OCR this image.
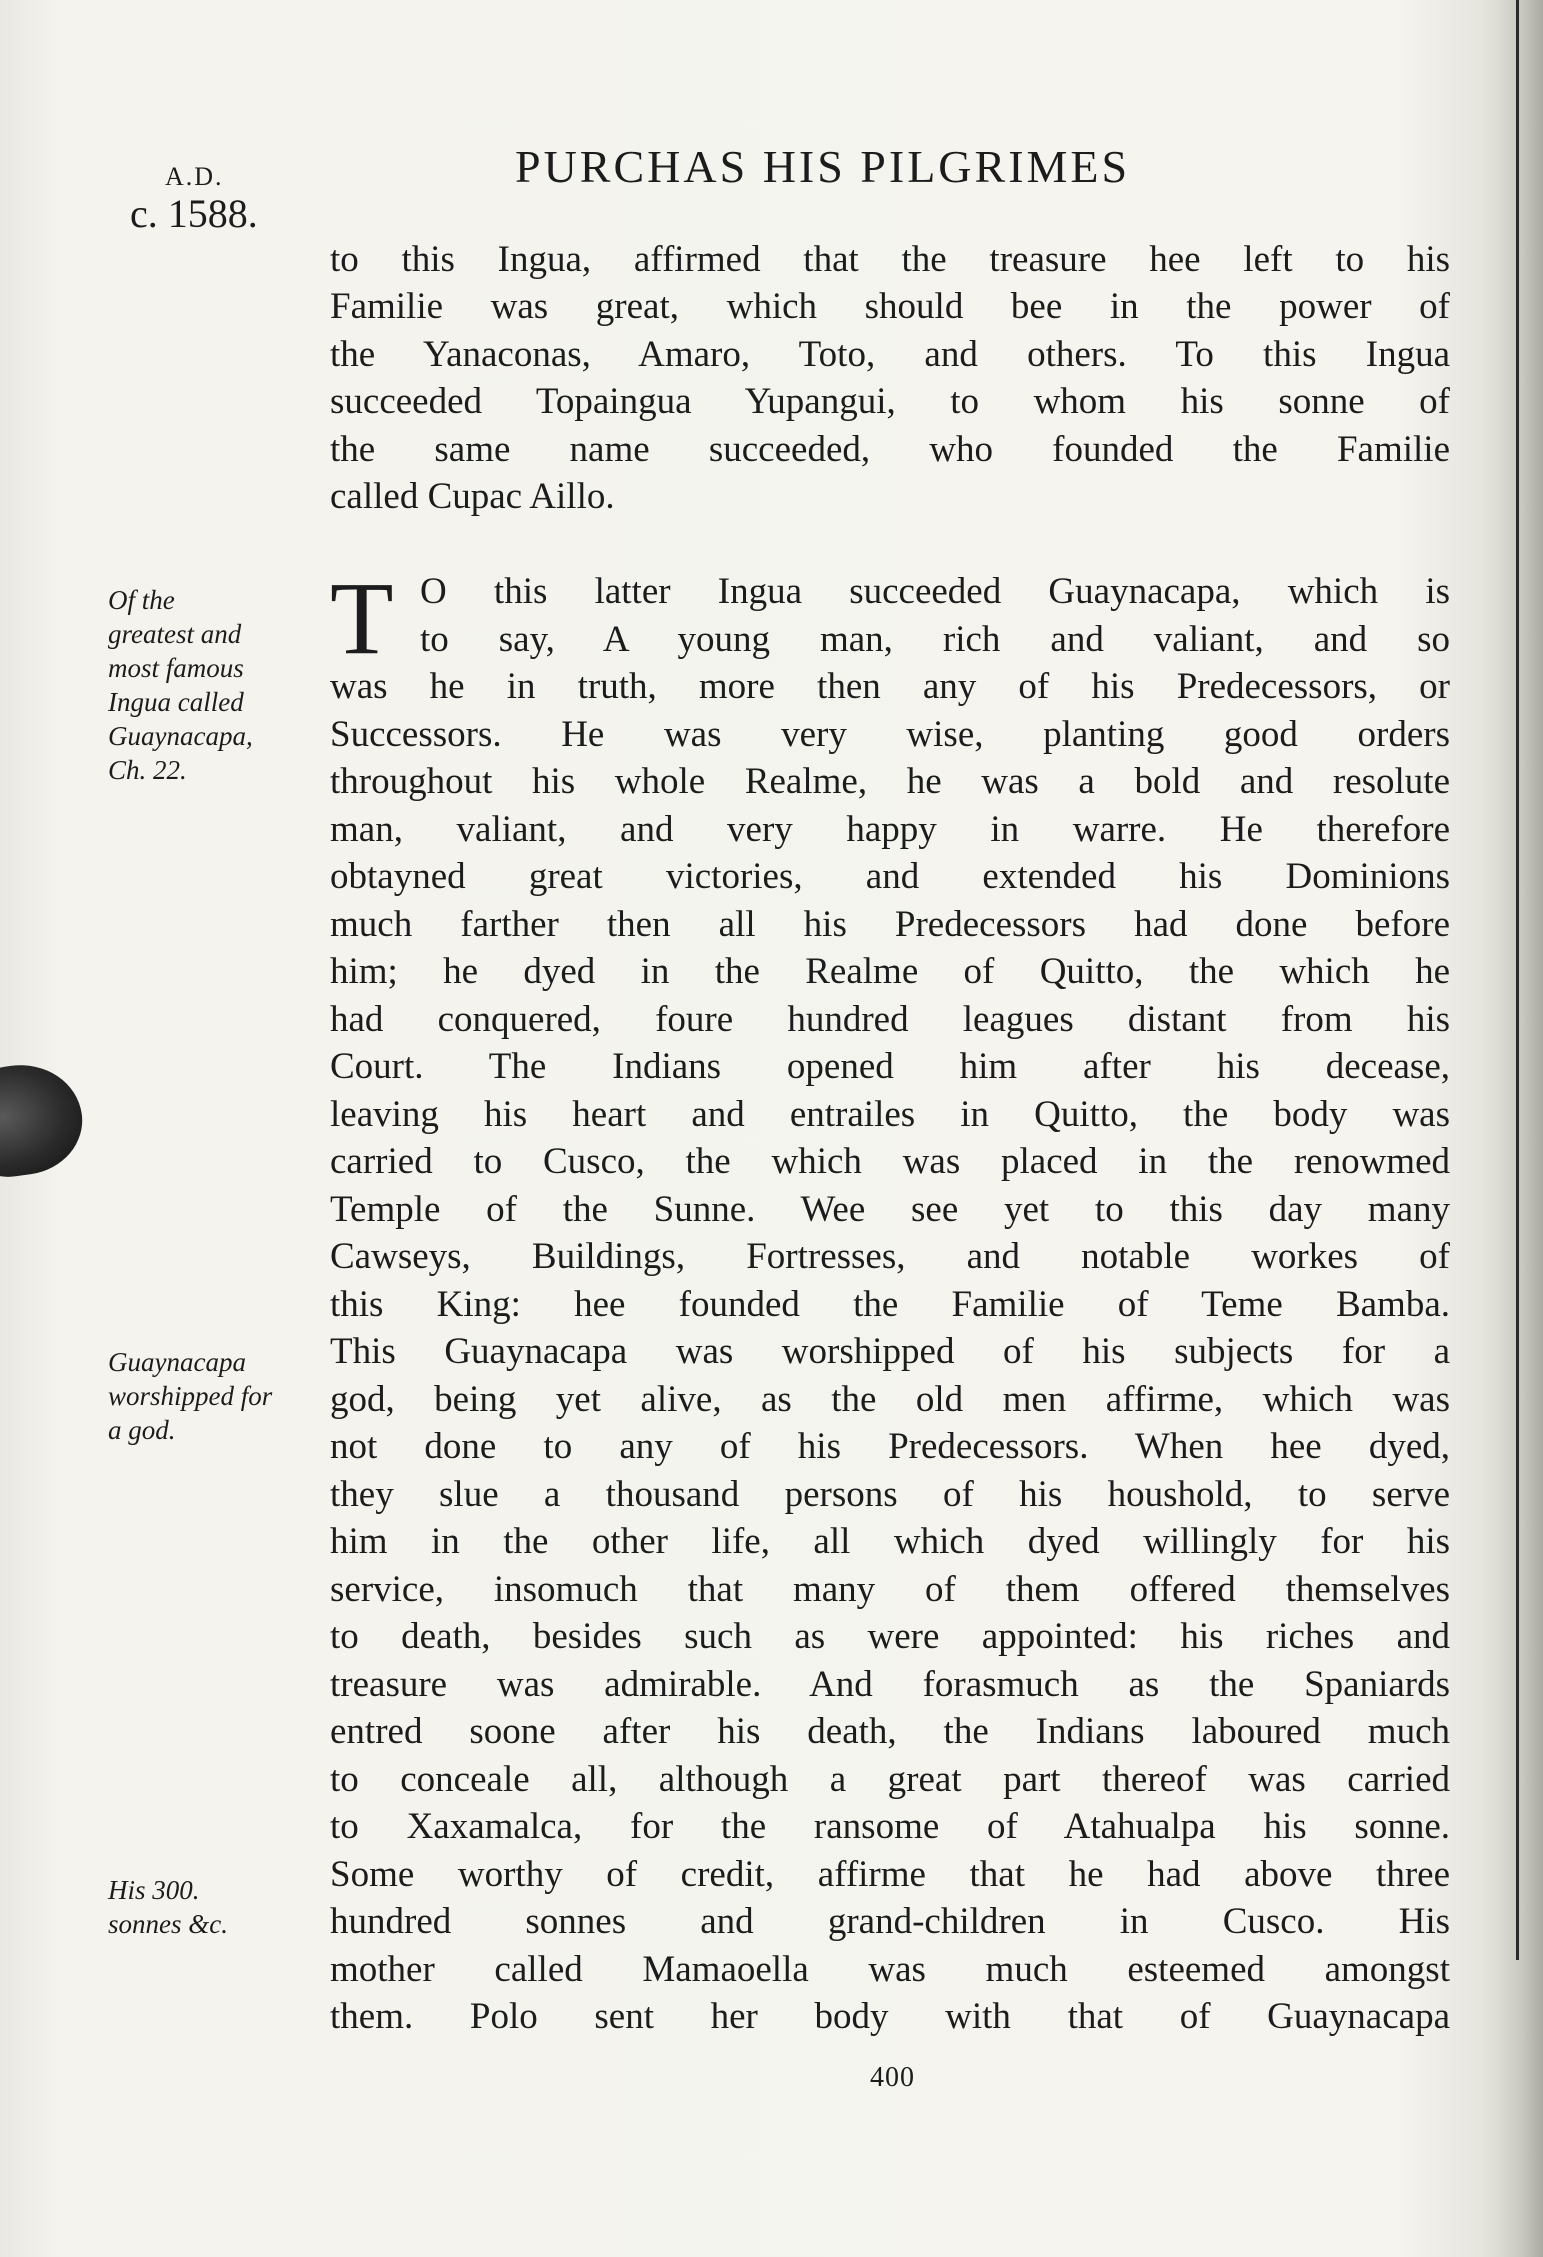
A.D.
c. 1588.
PURCHAS HIS PILGRIMES
Of the
greatest and
most famous
Ingua called
Guaynacapa,
Ch. 22.
Guaynacapa
worshipped for
a god.
His 300.
sonnes &c.
to this Ingua, affirmed that the treasure hee left to his
Familie was great, which should bee in the power of
the Yanaconas, Amaro, Toto, and others. To this Ingua
succeeded Topaingua Yupangui, to whom his sonne of
the same name succeeded, who founded the Familie
called Cupac Aillo.
T O this latter Ingua succeeded Guaynacapa, which is
to say, A young man, rich and valiant, and so
was he in truth, more then any of his Predecessors, or
Successors. He was very wise, planting good orders
throughout his whole Realme, he was a bold and resolute
man, valiant, and very happy in warre. He therefore
obtayned great victories, and extended his Dominions
much farther then all his Predecessors had done before
him; he dyed in the Realme of Quitto, the which he
had conquered, foure hundred leagues distant from his
Court. The Indians opened him after his decease,
leaving his heart and entrailes in Quitto, the body was
carried to Cusco, the which was placed in the renowmed
Temple of the Sunne. Wee see yet to this day many
Cawseys, Buildings, Fortresses, and notable workes of
this King: hee founded the Familie of Teme Bamba.
This Guaynacapa was worshipped of his subjects for a
god, being yet alive, as the old men affirme, which was
not done to any of his Predecessors. When hee dyed,
they slue a thousand persons of his houshold, to serve
him in the other life, all which dyed willingly for his
service, insomuch that many of them offered themselves
to death, besides such as were appointed: his riches and
treasure was admirable. And forasmuch as the Spaniards
entred soone after his death, the Indians laboured much
to conceale all, although a great part thereof was carried
to Xaxamalca, for the ransome of Atahualpa his sonne.
Some worthy of credit, affirme that he had above three
hundred sonnes and grand-children in Cusco. His
mother called Mamaoella was much esteemed amongst
them. Polo sent her body with that of Guaynacapa
400
